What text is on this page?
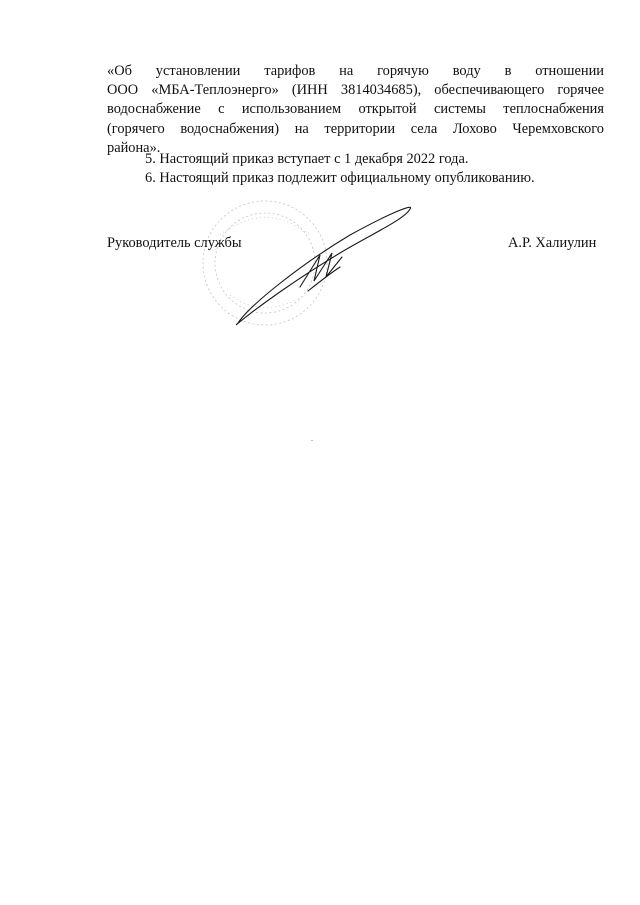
«Об установлении тарифов на горячую воду в отношении
ООО «МБА-Теплоэнерго» (ИНН 3814034685), обеспечивающего горячее
водоснабжение с использованием открытой системы теплоснабжения
(горячего водоснабжения) на территории села Лохово Черемховского
района».
5. Настоящий приказ вступает с 1 декабря 2022 года.
6. Настоящий приказ подлежит официальному опубликованию.
Руководитель службы	А.Р. Халиулин
